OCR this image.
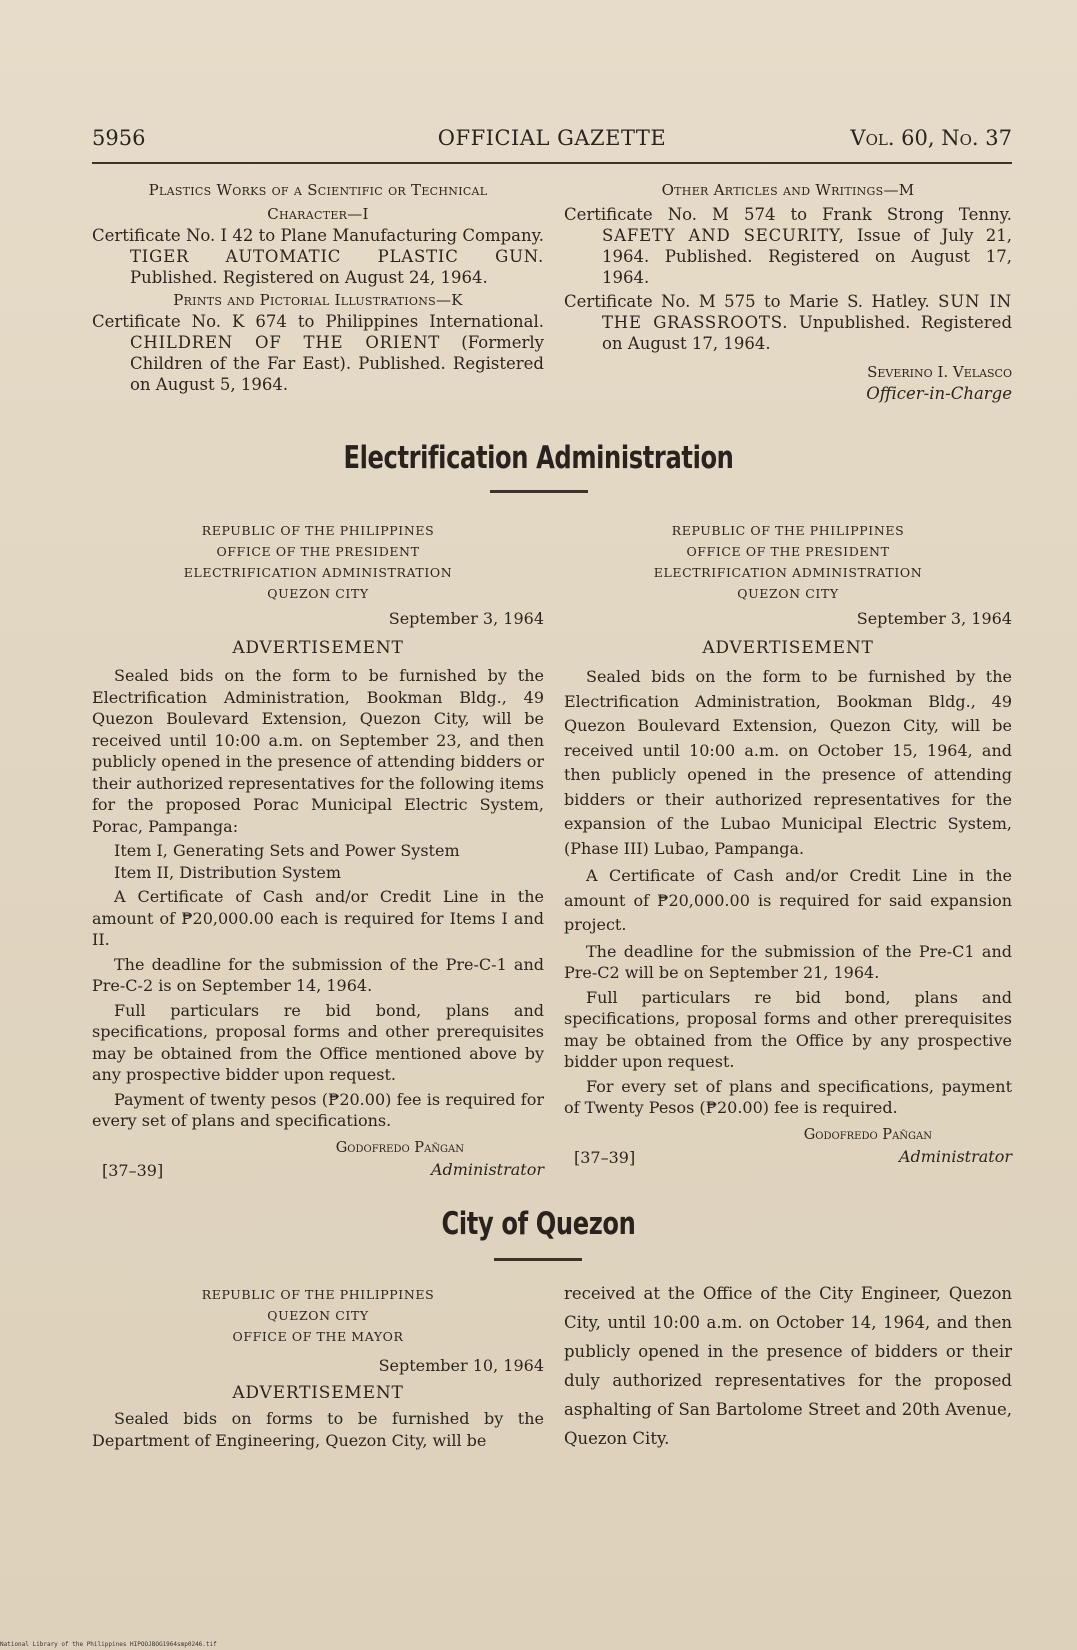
5956	OFFICIAL GAZETTE	Vol. 60, No. 37
Plastics Works of a Scientific or Technical
Character—I

Certificate No. I 42 to Plane Manufacturing Company. TIGER AUTOMATIC PLASTIC GUN. Published. Registered on August 24, 1964.

Prints and Pictorial Illustrations—K

Certificate No. K 674 to Philippines International. CHILDREN OF THE ORIENT (Formerly Children of the Far East). Published. Registered on August 5, 1964.

Other Articles and Writings—M

Certificate No. M 574 to Frank Strong Tenny. SAFETY AND SECURITY, Issue of July 21, 1964. Published. Registered on August 17, 1964.

Certificate No. M 575 to Marie S. Hatley. SUN IN THE GRASSROOTS. Unpublished. Registered on August 17, 1964.

Severino I. Velasco
Officer-in-Charge
Electrification Administration
REPUBLIC OF THE PHILIPPINES
OFFICE OF THE PRESIDENT
ELECTRIFICATION ADMINISTRATION
QUEZON CITY
September 3, 1964
ADVERTISEMENT

Sealed bids on the form to be furnished by the Electrification Administration, Bookman Bldg., 49 Quezon Boulevard Extension, Quezon City, will be received until 10:00 a.m. on September 23, and then publicly opened in the presence of attending bidders or their authorized representatives for the following items for the proposed Porac Municipal Electric System, Porac, Pampanga:

Item I, Generating Sets and Power System

Item II, Distribution System

A Certificate of Cash and/or Credit Line in the amount of ₱20,000.00 each is required for Items I and II.

The deadline for the submission of the Pre-C-1 and Pre-C-2 is on September 14, 1964.

Full particulars re bid bond, plans and specifications, proposal forms and other prerequisites may be obtained from the Office mentioned above by any prospective bidder upon request.

Payment of twenty pesos (₱20.00) fee is required for every set of plans and specifications.

[37–39]
Godofredo Pañgan
Administrator
REPUBLIC OF THE PHILIPPINES
OFFICE OF THE PRESIDENT
ELECTRIFICATION ADMINISTRATION
QUEZON CITY
September 3, 1964
ADVERTISEMENT

Sealed bids on the form to be furnished by the Electrification Administration, Bookman Bldg., 49 Quezon Boulevard Extension, Quezon City, will be received until 10:00 a.m. on October 15, 1964, and then publicly opened in the presence of attending bidders or their authorized representatives for the expansion of the Lubao Municipal Electric System, (Phase III) Lubao, Pampanga.

A Certificate of Cash and/or Credit Line in the amount of ₱20,000.00 is required for said expansion project.

The deadline for the submission of the Pre-C1 and Pre-C2 will be on September 21, 1964.

Full particulars re bid bond, plans and specifications, proposal forms and other prerequisites may be obtained from the Office by any prospective bidder upon request.

For every set of plans and specifications, payment of Twenty Pesos (₱20.00) fee is required.

[37–39]
Godofredo Pañgan
Administrator
City of Quezon
REPUBLIC OF THE PHILIPPINES
QUEZON CITY
OFFICE OF THE MAYOR
September 10, 1964
ADVERTISEMENT

Sealed bids on forms to be furnished by the Department of Engineering, Quezon City, will be

received at the Office of the City Engineer, Quezon City, until 10:00 a.m. on October 14, 1964, and then publicly opened in the presence of bidders or their duly authorized representatives for the proposed asphalting of San Bartolome Street and 20th Avenue, Quezon City.

National Library of the Philippines HIPOOJBOG1964smp0246.tif
